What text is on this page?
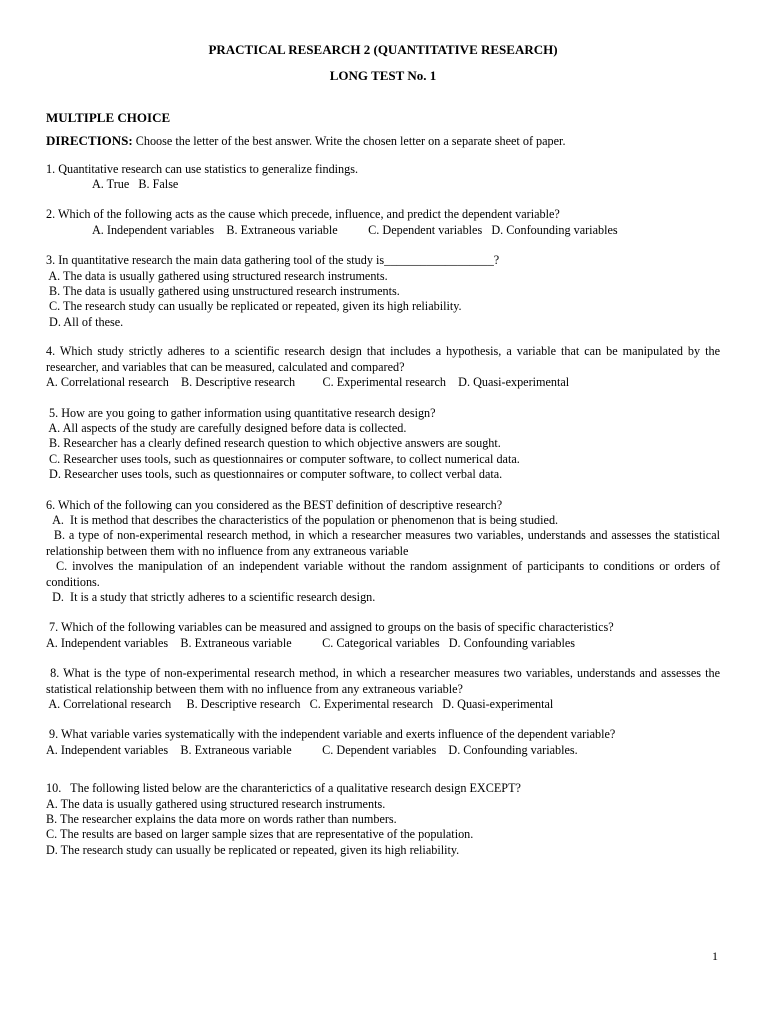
PRACTICAL RESEARCH 2 (QUANTITATIVE RESEARCH)
LONG TEST No. 1
MULTIPLE CHOICE
DIRECTIONS: Choose the letter of the best answer. Write the chosen letter on a separate sheet of paper.
1. Quantitative research can use statistics to generalize findings.
A. True   B. False
2. Which of the following acts as the cause which precede, influence, and predict the dependent variable?
A. Independent variables    B. Extraneous variable          C. Dependent variables   D. Confounding variables
3. In quantitative research the main data gathering tool of the study is__________________?
A. The data is usually gathered using structured research instruments.
B. The data is usually gathered using unstructured research instruments.
C. The research study can usually be replicated or repeated, given its high reliability.
D. All of these.
4. Which study strictly adheres to a scientific research design that includes a hypothesis, a variable that can be manipulated by the researcher, and variables that can be measured, calculated and compared?
A. Correlational research    B. Descriptive research         C. Experimental research    D. Quasi-experimental
5. How are you going to gather information using quantitative research design?
A. All aspects of the study are carefully designed before data is collected.
B. Researcher has a clearly defined research question to which objective answers are sought.
C. Researcher uses tools, such as questionnaires or computer software, to collect numerical data.
D. Researcher uses tools, such as questionnaires or computer software, to collect verbal data.
6. Which of the following can you considered as the BEST definition of descriptive research?
A.  It is method that describes the characteristics of the population or phenomenon that is being studied.
B. a type of non-experimental research method, in which a researcher measures two variables, understands and assesses the statistical relationship between them with no influence from any extraneous variable
C. involves the manipulation of an independent variable without the random assignment of participants to conditions or orders of conditions.
D.  It is a study that strictly adheres to a scientific research design.
7. Which of the following variables can be measured and assigned to groups on the basis of specific characteristics?
A. Independent variables    B. Extraneous variable          C. Categorical variables   D. Confounding variables
8. What is the type of non-experimental research method, in which a researcher measures two variables, understands and assesses the statistical relationship between them with no influence from any extraneous variable?
A. Correlational research     B. Descriptive research   C. Experimental research   D. Quasi-experimental
9. What variable varies systematically with the independent variable and exerts influence of the dependent variable?
A. Independent variables    B. Extraneous variable          C. Dependent variables    D. Confounding variables.
10.   The following listed below are the charanterictics of a qualitative research design EXCEPT?
A. The data is usually gathered using structured research instruments.
B. The researcher explains the data more on words rather than numbers.
C. The results are based on larger sample sizes that are representative of the population.
D. The research study can usually be replicated or repeated, given its high reliability.
1
